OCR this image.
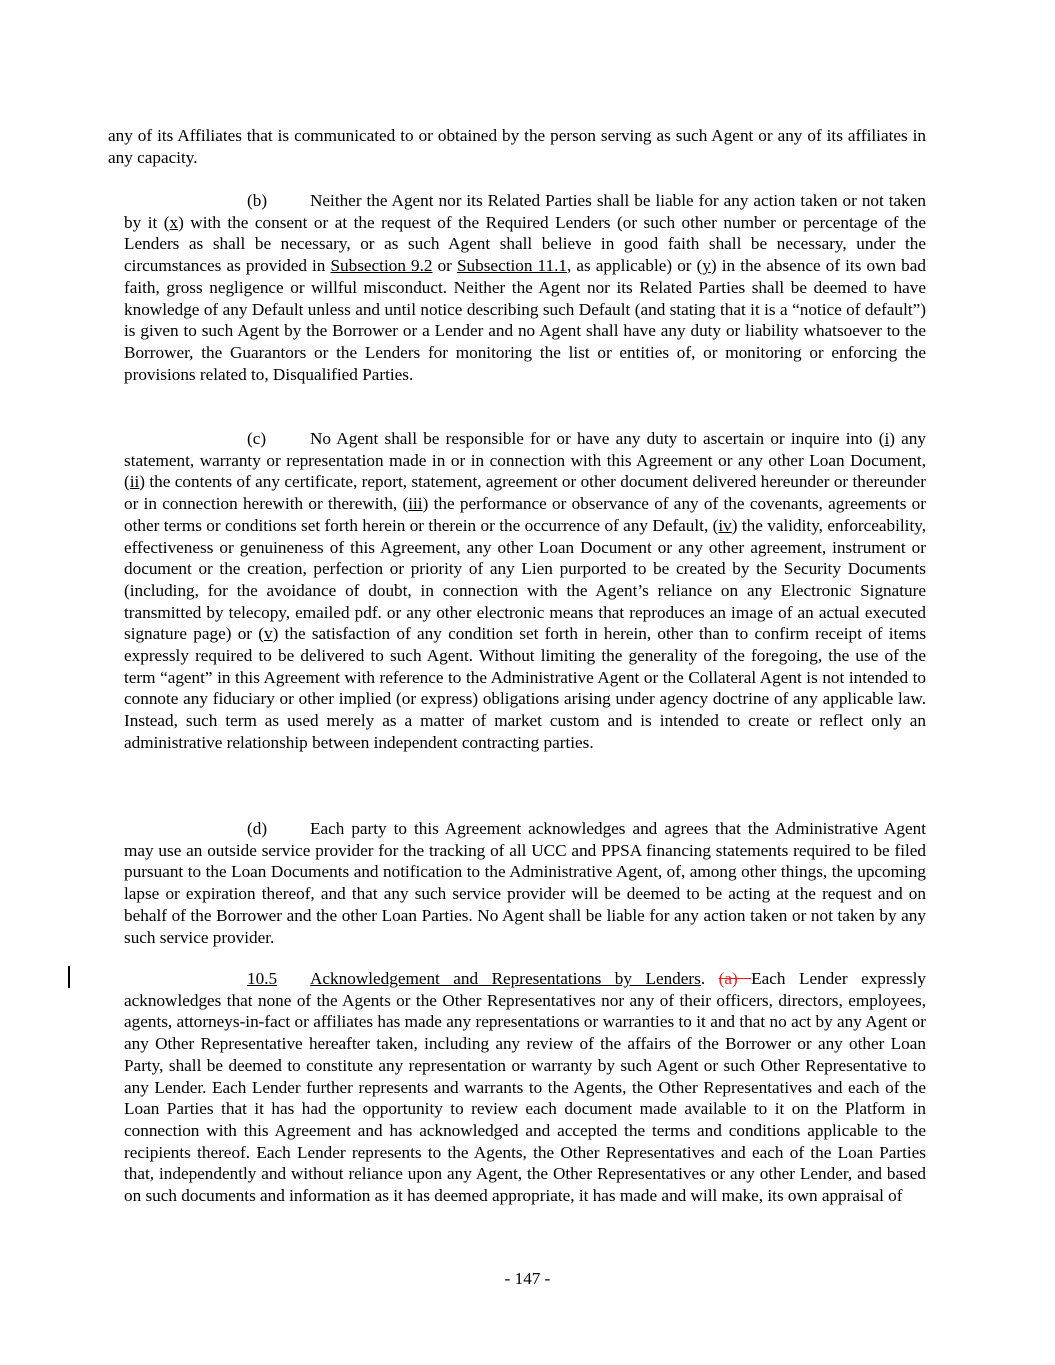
any of its Affiliates that is communicated to or obtained by the person serving as such Agent or any of its affiliates in any capacity.

(b) Neither the Agent nor its Related Parties shall be liable for any action taken or not taken by it (x) with the consent or at the request of the Required Lenders (or such other number or percentage of the Lenders as shall be necessary, or as such Agent shall believe in good faith shall be necessary, under the circumstances as provided in Subsection 9.2 or Subsection 11.1, as applicable) or (y) in the absence of its own bad faith, gross negligence or willful misconduct. Neither the Agent nor its Related Parties shall be deemed to have knowledge of any Default unless and until notice describing such Default (and stating that it is a “notice of default”) is given to such Agent by the Borrower or a Lender and no Agent shall have any duty or liability whatsoever to the Borrower, the Guarantors or the Lenders for monitoring the list or entities of, or monitoring or enforcing the provisions related to, Disqualified Parties.

(c)	No Agent shall be responsible for or have any duty to ascertain or inquire into (i) any statement, warranty or representation made in or in connection with this Agreement or any other Loan Document, (ii) the contents of any certificate, report, statement, agreement or other document delivered hereunder or thereunder or in connection herewith or therewith, (iii) the performance or observance of any of the covenants, agreements or other terms or conditions set forth herein or therein or the occurrence of any Default, (iv) the validity, enforceability, effectiveness or genuineness of this Agreement, any other Loan Document or any other agreement, instrument or document or the creation, perfection or priority of any Lien purported to be created by the Security Documents (including, for the avoidance of doubt, in connection with the Agent’s reliance on any Electronic Signature transmitted by telecopy, emailed pdf. or any other electronic means that reproduces an image of an actual executed signature page) or (v) the satisfaction of any condition set forth in herein, other than to confirm receipt of items expressly required to be delivered to such Agent. Without limiting the generality of the foregoing, the use of the term “agent” in this Agreement with reference to the Administrative Agent or the Collateral Agent is not intended to connote any fiduciary or other implied (or express) obligations arising under agency doctrine of any applicable law. Instead, such term as used merely as a matter of market custom and is intended to create or reflect only an administrative relationship between independent contracting parties.

(d) Each party to this Agreement acknowledges and agrees that the Administrative Agent may use an outside service provider for the tracking of all UCC and PPSA financing statements required to be filed pursuant to the Loan Documents and notification to the Administrative Agent, of, among other things, the upcoming lapse or expiration thereof, and that any such service provider will be deemed to be acting at the request and on behalf of the Borrower and the other Loan Parties. No Agent shall be liable for any action taken or not taken by any such service provider.

10.5 Acknowledgement and Representations by Lenders. (a) Each Lender expressly acknowledges that none of the Agents or the Other Representatives nor any of their officers, directors, employees, agents, attorneys-in-fact or affiliates has made any representations or warranties to it and that no act by any Agent or any Other Representative hereafter taken, including any review of the affairs of the Borrower or any other Loan Party, shall be deemed to constitute any representation or warranty by such Agent or such Other Representative to any Lender. Each Lender further represents and warrants to the Agents, the Other Representatives and each of the Loan Parties that it has had the opportunity to review each document made available to it on the Platform in connection with this Agreement and has acknowledged and accepted the terms and conditions applicable to the recipients thereof. Each Lender represents to the Agents, the Other Representatives and each of the Loan Parties that, independently and without reliance upon any Agent, the Other Representatives or any other Lender, and based on such documents and information as it has deemed appropriate, it has made and will make, its own appraisal of

- 147 -
